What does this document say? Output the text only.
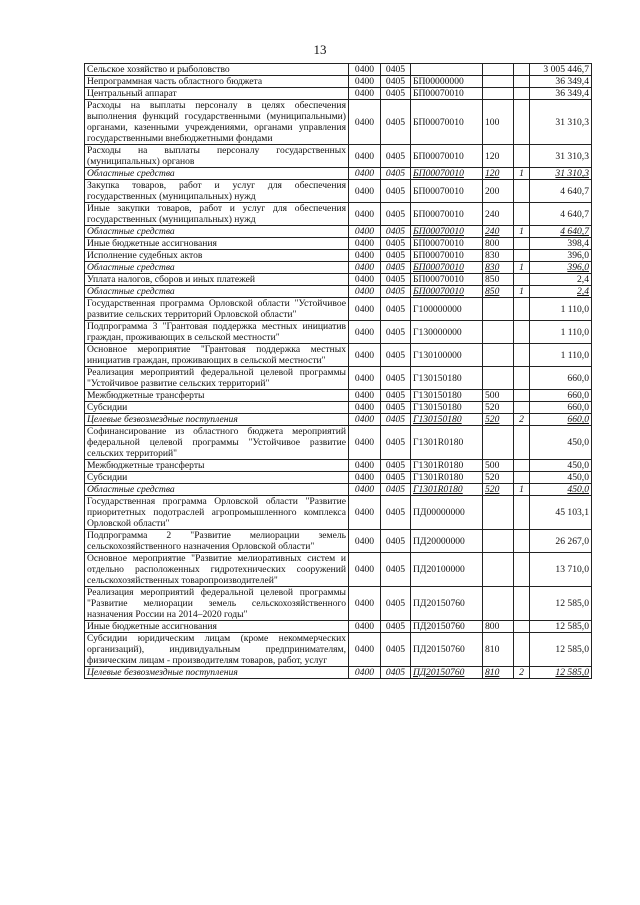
13
Сельское хозяйство и рыболовство	0400	0405				3 005 446,7
Непрограммная часть областного бюджета	0400	0405	БП00000000			36 349,4
Центральный аппарат	0400	0405	БП00070010			36 349,4
Расходы на выплаты персоналу в целях обеспечения выполнения функций государственными (муниципальными) органами, казенными учреждениями, органами управления государственными внебюджетными фондами	0400	0405	БП00070010	100		31 310,3
Расходы на выплаты персоналу государственных (муниципальных) органов	0400	0405	БП00070010	120		31 310,3
Областные средства	0400	0405	БП00070010	120	1	31 310,3
Закупка товаров, работ и услуг для обеспечения государственных (муниципальных) нужд	0400	0405	БП00070010	200		4 640,7
Иные закупки товаров, работ и услуг для обеспечения государственных (муниципальных) нужд	0400	0405	БП00070010	240		4 640,7
Областные средства	0400	0405	БП00070010	240	1	4 640,7
Иные бюджетные ассигнования	0400	0405	БП00070010	800		398,4
Исполнение судебных актов	0400	0405	БП00070010	830		396,0
Областные средства	0400	0405	БП00070010	830	1	396,0
Уплата налогов, сборов и иных платежей	0400	0405	БП00070010	850		2,4
Областные средства	0400	0405	БП00070010	850	1	2,4
Государственная программа Орловской области "Устойчивое развитие сельских территорий Орловской области"	0400	0405	Г100000000			1 110,0
Подпрограмма 3 "Грантовая поддержка местных инициатив граждан, проживающих в сельской местности"	0400	0405	Г130000000			1 110,0
Основное мероприятие "Грантовая поддержка местных инициатив граждан, проживающих в сельской местности"	0400	0405	Г130100000			1 110,0
Реализация мероприятий федеральной целевой программы "Устойчивое развитие сельских территорий"	0400	0405	Г130150180			660,0
Межбюджетные трансферты	0400	0405	Г130150180	500		660,0
Субсидии	0400	0405	Г130150180	520		660,0
Целевые безвозмездные поступления	0400	0405	Г130150180	520	2	660,0
Софинансирование из областного бюджета мероприятий федеральной целевой программы "Устойчивое развитие сельских территорий"	0400	0405	Г1301R0180			450,0
Межбюджетные трансферты	0400	0405	Г1301R0180	500		450,0
Субсидии	0400	0405	Г1301R0180	520		450,0
Областные средства	0400	0405	Г1301R0180	520	1	450,0
Государственная программа Орловской области "Развитие приоритетных подотраслей агропромышленного комплекса Орловской области"	0400	0405	ПД00000000			45 103,1
Подпрограмма 2 "Развитие мелиорации земель сельскохозяйственного назначения Орловской области"	0400	0405	ПД20000000			26 267,0
Основное мероприятие "Развитие мелиоративных систем и отдельно расположенных гидротехнических сооружений сельскохозяйственных товаропроизводителей"	0400	0405	ПД20100000			13 710,0
Реализация мероприятий федеральной целевой программы "Развитие мелиорации земель сельскохозяйственного назначения России на 2014–2020 годы"	0400	0405	ПД20150760			12 585,0
Иные бюджетные ассигнования	0400	0405	ПД20150760	800		12 585,0
Субсидии юридическим лицам (кроме некоммерческих организаций), индивидуальным предпринимателям, физическим лицам - производителям товаров, работ, услуг	0400	0405	ПД20150760	810		12 585,0
Целевые безвозмездные поступления	0400	0405	ПД20150760	810	2	12 585,0
